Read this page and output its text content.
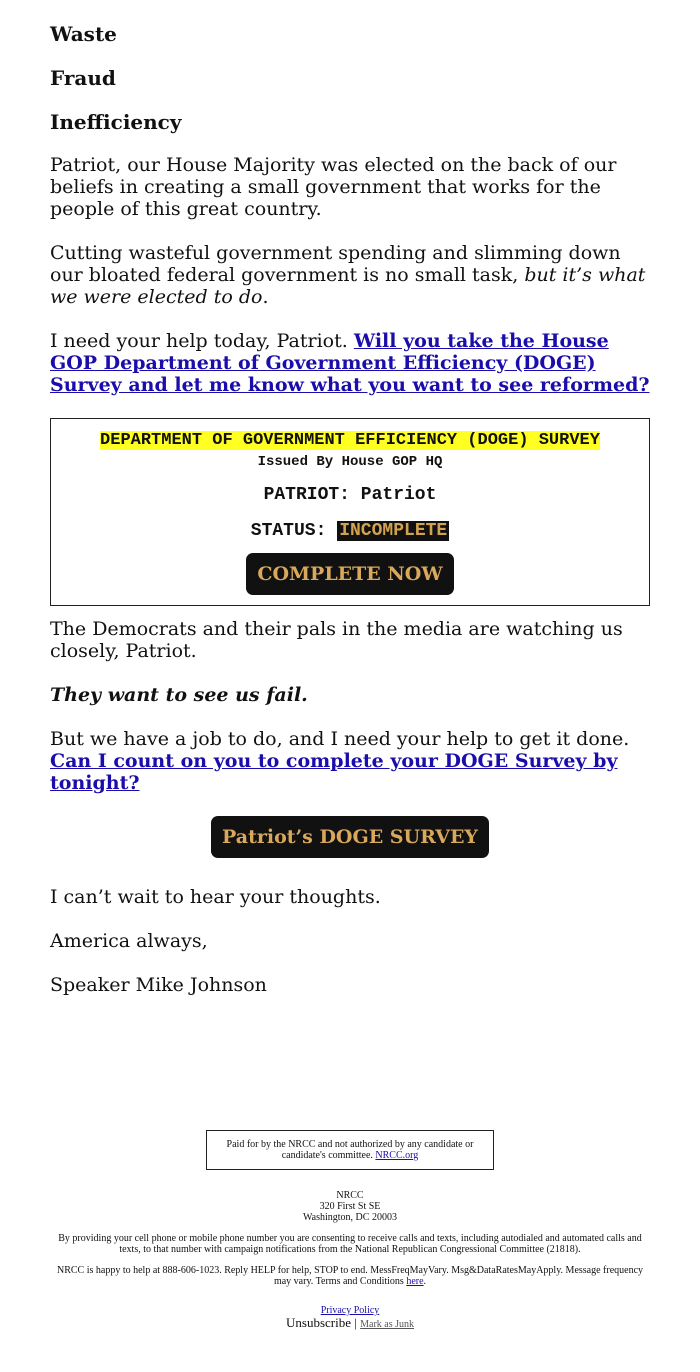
Waste
Fraud
Inefficiency

Patriot, our House Majority was elected on the back of our beliefs in creating a small government that works for the people of this great country.

Cutting wasteful government spending and slimming down our bloated federal government is no small task, but it’s what we were elected to do.

I need your help today, Patriot. Will you take the House GOP Department of Government Efficiency (DOGE) Survey and let me know what you want to see reformed?

DEPARTMENT OF GOVERNMENT EFFICIENCY (DOGE) SURVEY
Issued By House GOP HQ
PATRIOT: Patriot
STATUS: INCOMPLETE
COMPLETE NOW

The Democrats and their pals in the media are watching us closely, Patriot.

They want to see us fail.

But we have a job to do, and I need your help to get it done. Can I count on you to complete your DOGE Survey by tonight?

Patriot’s DOGE SURVEY

I can’t wait to hear your thoughts.

America always,

Speaker Mike Johnson

Paid for by the NRCC and not authorized by any candidate or candidate's committee. NRCC.org
NRCC
320 First St SE
Washington, DC 20003
By providing your cell phone or mobile phone number you are consenting to receive calls and texts, including autodialed and automated calls and texts, to that number with campaign notifications from the National Republican Congressional Committee (21818).
NRCC is happy to help at 888-606-1023. Reply HELP for help, STOP to end. MessFreqMayVary. Msg&DataRatesMayApply. Message frequency may vary. Terms and Conditions here.
Privacy Policy
Unsubscribe | Mark as Junk
